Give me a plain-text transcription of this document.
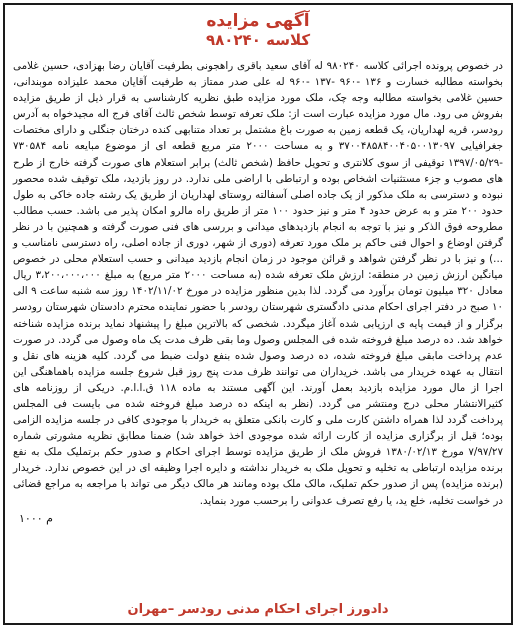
آگهی مزایده
کلاسه ۹۸۰۲۴۰
در خصوص پرونده اجرائی کلاسه ۹۸۰۲۴۰ له آقای سعید باقری راهجونی بطرفیت آقایان رضا بهزادی، حسین غلامی بخواسته مطالبه خسارت و ۱۳۶ -۹۶۰ -۱۳۷ -۹۶۰ له علی صدر ممتاز به طرفیت آقایان محمد علیزاده موبندانی، حسین غلامی بخواسته مطالبه وجه چک، ملک مورد مزایده طبق نظریه کارشناسی به قرار ذیل از طریق مزایده بفروش می رود. مال مورد مزایده عبارت است از: ملک تعرفه توسط شخص ثالث آقای فرج اله مجیدخواه به آدرس رودسر، قریه لهداریان، یک قطعه زمین به صورت باغ مشتمل بر تعداد متنابهی کنده درختان جنگلی و دارای مختصات جغرافیایی ۳۷۰۰۴۸۵۸۴۰۰۴۰۵۰۰۱۳۰۹۷ و به مساحت ۲۰۰۰ متر مربع قطعه ای از موضوع مبایعه نامه ۷۳۰۵۸۴ -۱۳۹۷/۰۵/۲۹ توقیفی از سوی کلانتری و تحویل حافظ (شخص ثالث) برابر استعلام های صورت گرفته خارج از طرح های مصوب و جزء مستثنیات اشخاص بوده و ارتباطی با اراضی ملی ندارد. در روز بازدید، ملک توقیف شده محصور نبوده و دسترسی به ملک مذکور از یک جاده اصلی آسفالته روستای لهداریان از طریق یک رشته جاده خاکی به طول حدود ۲۰۰ متر و به عرض حدود ۴ متر و نیز حدود ۱۰۰ متر از طریق راه مالرو امکان پذیر می باشد. حسب مطالب مطروحه فوق الذکر و نیز با توجه به انجام بازدیدهای میدانی و بررسی های فنی صورت گرفته و همچنین با در نظر گرفتن اوضاع و احوال فنی حاکم بر ملک مورد تعرفه (دوری از شهر، دوری از جاده اصلی، راه دسترسی نامناسب و ...) و نیز با در نظر گرفتن شواهد و قرائن موجود در زمان انجام بازدید میدانی و حسب استعلام محلی در خصوص میانگین ارزش زمین در منطقه: ارزش ملک تعرفه شده (به مساحت ۲۰۰۰ متر مربع) به مبلغ ۳،۲۰۰،۰۰۰،۰۰۰ ریال معادل ۳۲۰ میلیون تومان برآورد می گردد. لذا بدین منظور مزایده در مورخ ۱۴۰۲/۱۱/۰۲ روز سه شنبه ساعت ۹ الی ۱۰ صبح در دفتر اجرای احکام مدنی دادگستری شهرستان رودسر با حضور نماینده محترم دادستان شهرستان رودسر برگزار و از قیمت پایه ی ارزیابی شده آغاز میگردد. شخصی که بالاترین مبلغ را پیشنهاد نماید برنده مزایده شناخته خواهد شد. ده درصد مبلغ فروخته شده فی المجلس وصول وما بقی ظرف مدت یک ماه وصول می گردد. در صورت عدم پرداخت مابقی مبلغ فروخته شده، ده درصد وصول شده بنفع دولت ضبط می گردد. کلیه هزینه های نقل و انتقال به عهده خریدار می باشد. خریداران می توانند ظرف مدت پنج روز قبل شروع جلسه مزایده باهماهنگی این اجرا از مال مورد مزایده بازدید بعمل آورند. این آگهی مستند به ماده ۱۱۸ ق.ا.ا.م. دریکی از روزنامه های کثیرالانتشار محلی درج ومنتشر می گردد. (نظر به اینکه ده درصد مبلغ فروخته شده می بایست فی المجلس پرداخت گردد لذا همراه داشتن کارت ملی و کارت بانکی متعلق به خریدار با موجودی کافی در جلسه مزایده الزامی بوده؛ قبل از برگزاری مزایده از کارت ارائه شده موجودی اخذ خواهد شد) ضمنا مطابق نظریه مشورتی شماره ۷/۹۷/۲۷ مورخ ۱۳۸۰/۰۲/۱۳ فروش ملک از طریق مزایده توسط اجرای احکام و صدور حکم برتملیک ملک به نفع برنده مزایده ارتباطی به تخلیه و تحویل ملک به خریدار نداشته و دایره اجرا وظیفه ای در این خصوص ندارد. خریدار (برنده مزایده) پس از صدور حکم تملیک، مالک ملک بوده ومانند هر مالک دیگر می تواند با مراجعه به مراجع قضائی در خواست تخلیه، خلع ید، یا رفع تصرف عدوانی را برحسب مورد بنماید.
م ۱۰۰۰
دادورز اجرای احکام مدنی رودسر –مهران
